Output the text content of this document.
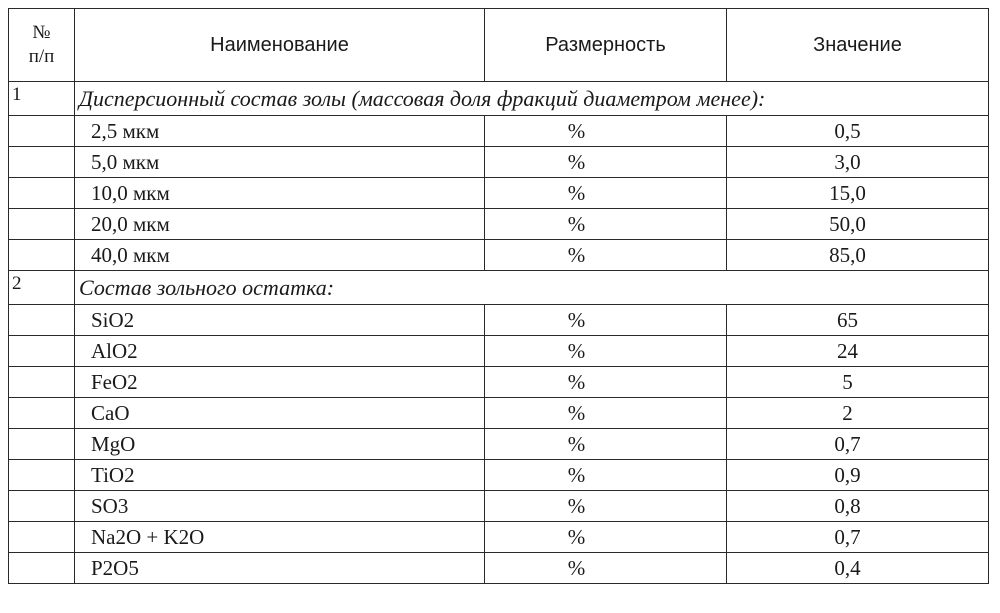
№
п/п	Наименование	Размерность	Значение
1	Дисперсионный состав золы (массовая доля фракций диаметром менее):		
	2,5 мкм	%	0,5
	5,0 мкм	%	3,0
	10,0 мкм	%	15,0
	20,0 мкм	%	50,0
	40,0 мкм	%	85,0
2	Состав зольного остатка:		
	SiO2	%	65
	AlO2	%	24
	FeO2	%	5
	CaO	%	2
	MgO	%	0,7
	TiO2	%	0,9
	SO3	%	0,8
	Na2O + K2O	%	0,7
	P2O5	%	0,4
